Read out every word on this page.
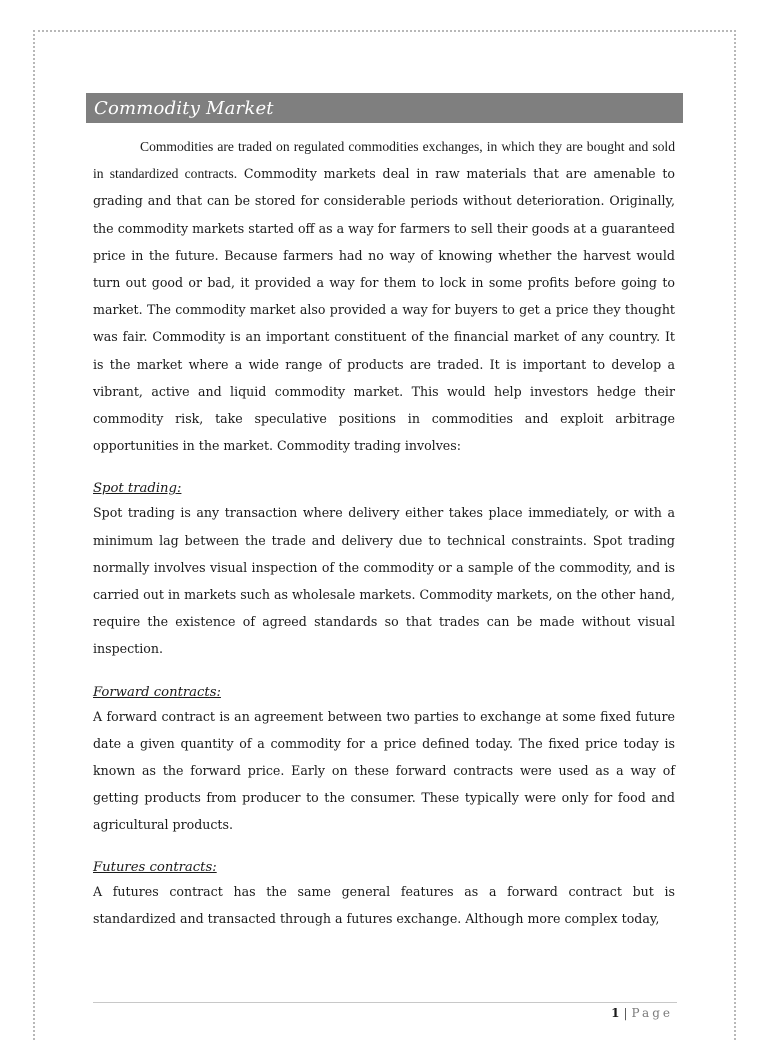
Commodity Market

Commodities are traded on regulated commodities exchanges, in which they are bought and sold in standardized contracts. Commodity markets deal in raw materials that are amenable to grading and that can be stored for considerable periods without deterioration. Originally, the commodity markets started off as a way for farmers to sell their goods at a guaranteed price in the future. Because farmers had no way of knowing whether the harvest would turn out good or bad, it provided a way for them to lock in some profits before going to market. The commodity market also provided a way for buyers to get a price they thought was fair. Commodity is an important constituent of the financial market of any country. It is the market where a wide range of products are traded. It is important to develop a vibrant, active and liquid commodity market. This would help investors hedge their commodity risk, take speculative positions in commodities and exploit arbitrage opportunities in the market. Commodity trading involves:

Spot trading:

Spot trading is any transaction where delivery either takes place immediately, or with a minimum lag between the trade and delivery due to technical constraints. Spot trading normally involves visual inspection of the commodity or a sample of the commodity, and is carried out in markets such as wholesale markets. Commodity markets, on the other hand, require the existence of agreed standards so that trades can be made without visual inspection.

Forward contracts:

A forward contract is an agreement between two parties to exchange at some fixed future date a given quantity of a commodity for a price defined today. The fixed price today is known as the forward price. Early on these forward contracts were used as a way of getting products from producer to the consumer. These typically were only for food and agricultural products.

Futures contracts:

A futures contract has the same general features as a forward contract but is standardized and transacted through a futures exchange. Although more complex today,

1 | Page
